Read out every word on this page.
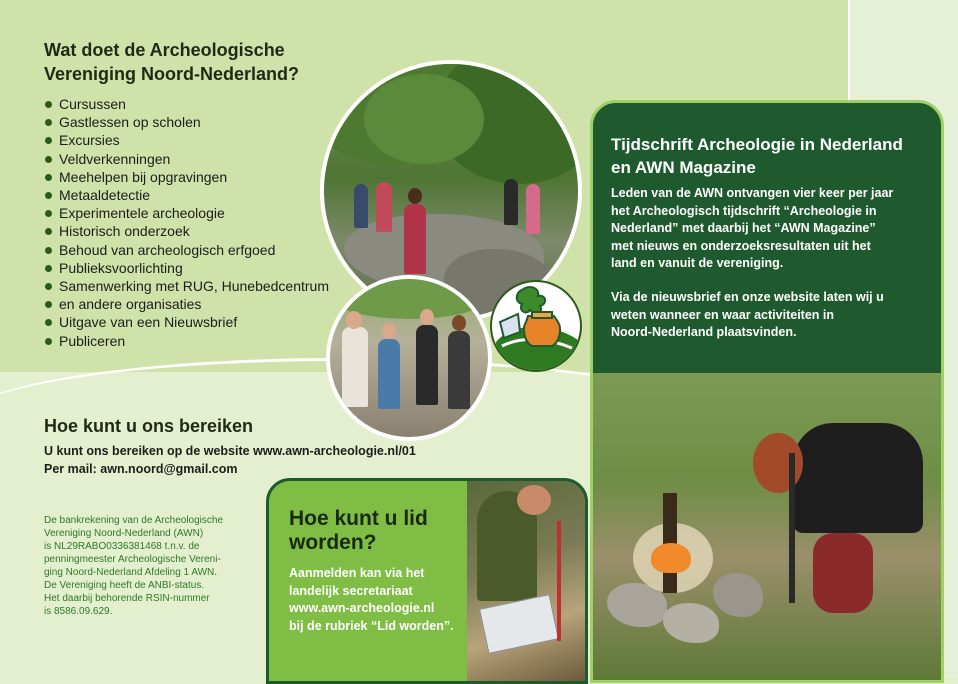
Wat doet de Archeologische
Vereniging Noord-Nederland?
Cursussen
Gastlessen op scholen
Excursies
Veldverkenningen
Meehelpen bij opgravingen
Metaaldetectie
Experimentele archeologie
Historisch onderzoek
Behoud van archeologisch erfgoed
Publieksvoorlichting
Samenwerking met RUG, Hunebedcentrum
en andere organisaties
Uitgave van een Nieuwsbrief
Publiceren
Hoe kunt u ons bereiken
U kunt ons bereiken op de website www.awn-archeologie.nl/01
Per mail: awn.noord@gmail.com

De bankrekening van de Archeologische
Vereniging Noord-Nederland (AWN)
is NL29RABO0336381468 t.n.v. de
penningmeester Archeologische Vereni-
ging Noord-Nederland Afdeling 1 AWN.
De Vereniging heeft de ANBI-status.
Het daarbij behorende RSIN-nummer
is 8586.09.629.

Hoe kunt u lid
worden?

Aanmelden kan via het
landelijk secretariaat
www.awn-archeologie.nl
bij de rubriek “Lid worden”.

Tijdschrift Archeologie in Nederland
en AWN Magazine

Leden van de AWN ontvangen vier keer per jaar
het Archeologisch tijdschrift “Archeologie in
Nederland” met daarbij het “AWN Magazine”
met nieuws en onderzoeksresultaten uit het
land en vanuit de vereniging.

Via de nieuwsbrief en onze website laten wij u
weten wanneer en waar activiteiten in
Noord-Nederland plaatsvinden.
